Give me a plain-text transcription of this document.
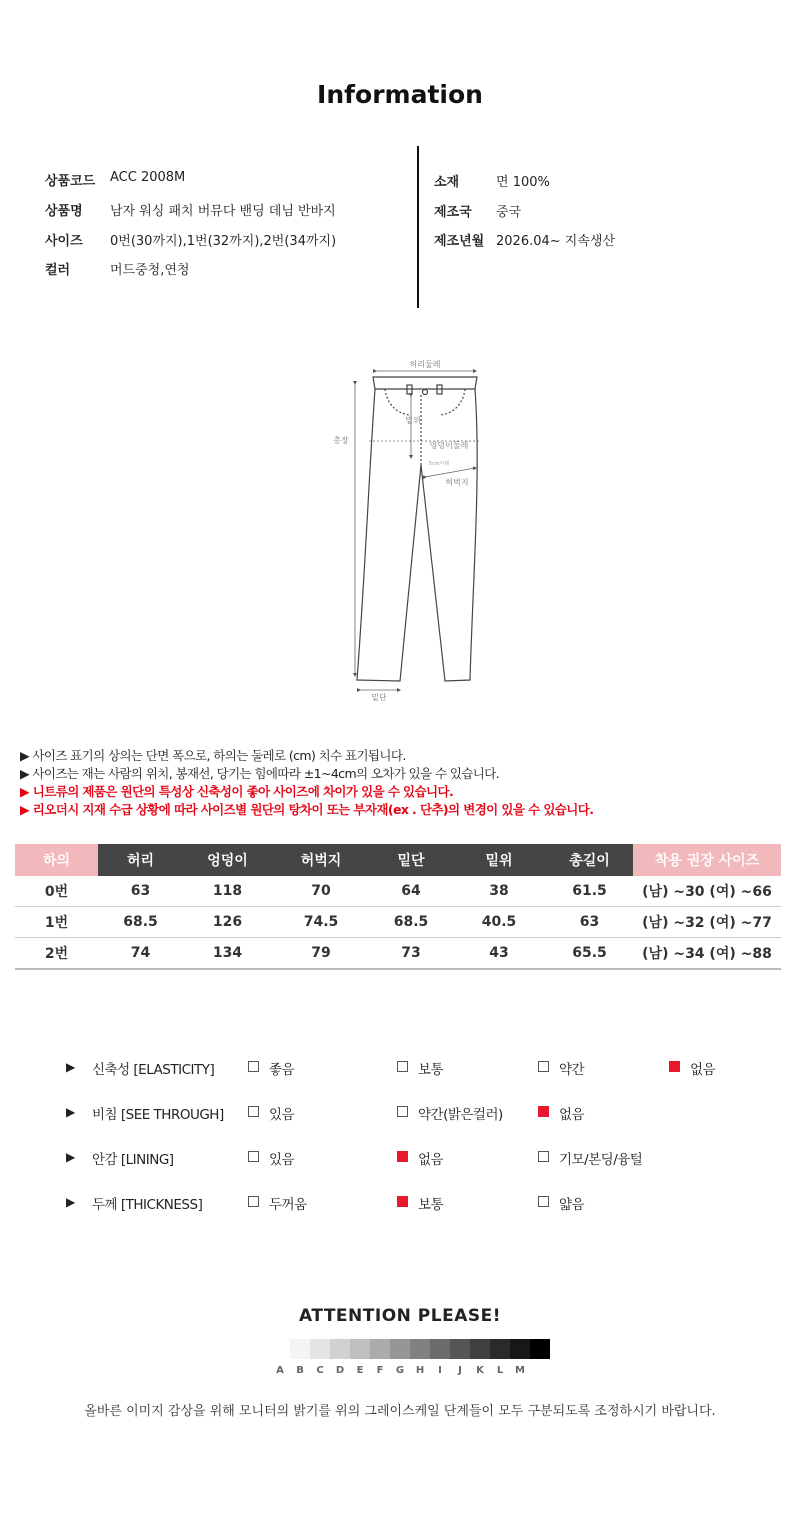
Information
상품코드 ACC 2008M
상품명 남자 워싱 패치 버뮤다 밴딩 데님 반바지
사이즈 0번(30까지),1번(32까지),2번(34까지)
컬러	머드중청,연청
소재	면 100%
제조국 중국
제조년월 2026.04~ 지속생산
허리둘레
총장
밑위
엉덩이둘레
5cm아래
허벅지
밑단
▶ 사이즈 표기의 상의는 단면 폭으로, 하의는 둘레로 (cm) 치수 표기됩니다.
▶ 사이즈는 재는 사람의 위치, 봉재선, 당기는 힘에따라 ±1~4cm의 오차가 있을 수 있습니다.
▶ 니트류의 제품은 원단의 특성상 신축성이 좋아 사이즈에 차이가 있을 수 있습니다.
▶ 리오더시 지재 수급 상황에 따라 사이즈별 원단의 탕차이 또는 부자재(ex . 단추)의 변경이 있을 수 있습니다.
하의	허리	엉덩이	허벅지	밑단	밑위	총길이	착용 권장 사이즈
0번	63	118	70	64	38	61.5	(남) ~30 (여) ~66
1번	68.5	126	74.5	68.5	40.5	63	(남) ~32 (여) ~77
2번	74	134	79	73	43	65.5	(남) ~34 (여) ~88
▶ 신축성 [ELASTICITY]	좋음	보통	약간	없음
▶ 비침 [SEE THROUGH]	있음	약간(밝은컬러)	없음
▶ 안감 [LINING]	있음	없음	기모/본딩/융털
▶ 두께 [THICKNESS]	두꺼움	보통	얇음
ATTENTION PLEASE!
A	B	C	D	E	F	G	H	I	J	K	L	M
올바른 이미지 감상을 위해 모니터의 밝기를 위의 그레이스케일 단계들이 모두 구분되도록 조정하시기 바랍니다.
